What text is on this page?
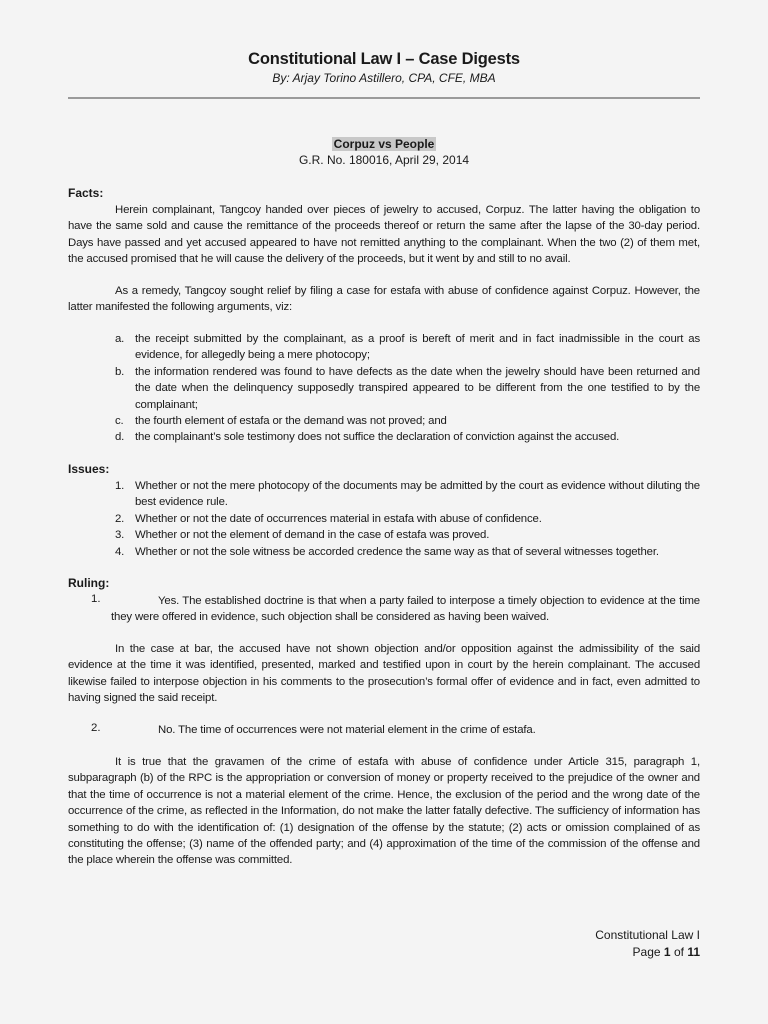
Constitutional Law I – Case Digests
By: Arjay Torino Astillero, CPA, CFE, MBA
Corpuz vs People
G.R. No. 180016, April 29, 2014
Facts:
Herein complainant, Tangcoy handed over pieces of jewelry to accused, Corpuz. The latter having the obligation to have the same sold and cause the remittance of the proceeds thereof or return the same after the lapse of the 30-day period. Days have passed and yet accused appeared to have not remitted anything to the complainant. When the two (2) of them met, the accused promised that he will cause the delivery of the proceeds, but it went by and still to no avail.
As a remedy, Tangcoy sought relief by filing a case for estafa with abuse of confidence against Corpuz. However, the latter manifested the following arguments, viz:
a. the receipt submitted by the complainant, as a proof is bereft of merit and in fact inadmissible in the court as evidence, for allegedly being a mere photocopy;
b. the information rendered was found to have defects as the date when the jewelry should have been returned and the date when the delinquency supposedly transpired appeared to be different from the one testified to by the complainant;
c. the fourth element of estafa or the demand was not proved; and
d. the complainant’s sole testimony does not suffice the declaration of conviction against the accused.
Issues:
1. Whether or not the mere photocopy of the documents may be admitted by the court as evidence without diluting the best evidence rule.
2. Whether or not the date of occurrences material in estafa with abuse of confidence.
3. Whether or not the element of demand in the case of estafa was proved.
4. Whether or not the sole witness be accorded credence the same way as that of several witnesses together.
Ruling:
1.	Yes. The established doctrine is that when a party failed to interpose a timely objection to evidence at the time they were offered in evidence, such objection shall be considered as having been waived.
In the case at bar, the accused have not shown objection and/or opposition against the admissibility of the said evidence at the time it was identified, presented, marked and testified upon in court by the herein complainant. The accused likewise failed to interpose objection in his comments to the prosecution’s formal offer of evidence and in fact, even admitted to having signed the said receipt.
2.	No. The time of occurrences were not material element in the crime of estafa.
It is true that the gravamen of the crime of estafa with abuse of confidence under Article 315, paragraph 1, subparagraph (b) of the RPC is the appropriation or conversion of money or property received to the prejudice of the owner and that the time of occurrence is not a material element of the crime. Hence, the exclusion of the period and the wrong date of the occurrence of the crime, as reflected in the Information, do not make the latter fatally defective. The sufficiency of information has something to do with the identification of: (1) designation of the offense by the statute; (2) acts or omission complained of as constituting the offense; (3) name of the offended party; and (4) approximation of the time of the commission of the offense and the place wherein the offense was committed.
Constitutional Law I
Page 1 of 11
